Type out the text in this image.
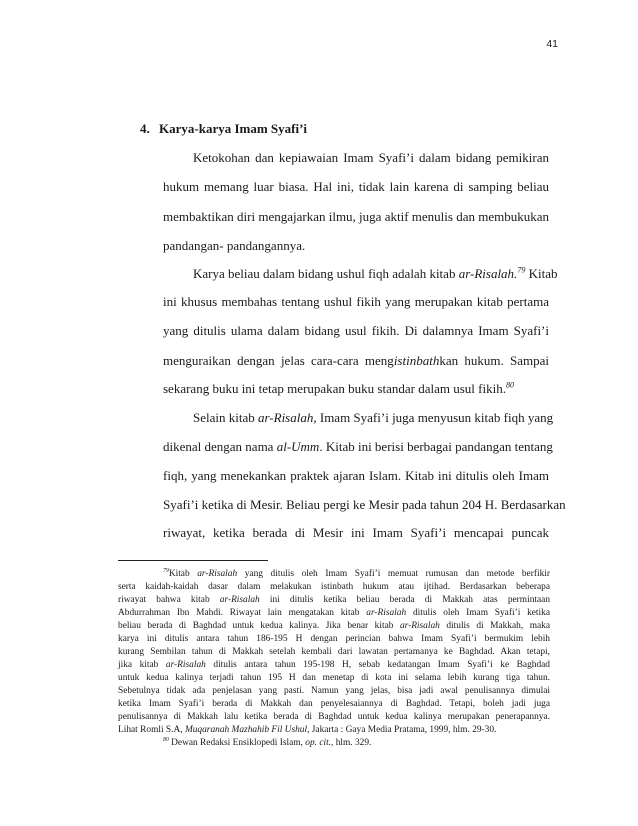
41
4. Karya-karya Imam Syafi’i
Ketokohan dan kepiawaian Imam Syafi’i dalam bidang pemikiran
hukum memang luar biasa. Hal ini, tidak lain karena di samping beliau
membaktikan diri mengajarkan ilmu, juga aktif menulis dan membukukan
pandangan- pandangannya.
Karya beliau dalam bidang ushul fiqh adalah kitab ar-Risalah.$^{79}$ Kitab
ini khusus membahas tentang ushul fikih yang merupakan kitab pertama
yang ditulis ulama dalam bidang usul fikih. Di dalamnya Imam Syafi’i
menguraikan dengan jelas cara-cara mengistinbathkan hukum. Sampai
sekarang buku ini tetap merupakan buku standar dalam usul fikih.$^{80}$
Selain kitab ar-Risalah, Imam Syafi’i juga menyusun kitab fiqh yang
dikenal dengan nama al-Umm. Kitab ini berisi berbagai pandangan tentang
fiqh, yang menekankan praktek ajaran Islam. Kitab ini ditulis oleh Imam
Syafi’i ketika di Mesir. Beliau pergi ke Mesir pada tahun 204 H. Berdasarkan
riwayat, ketika berada di Mesir ini Imam Syafi’i mencapai puncak
$^{79}$Kitab ar-Risalah yang ditulis oleh Imam Syafi’i memuat rumusan dan metode berfikir
serta kaidah-kaidah dasar dalam melakukan istinbath hukum atau ijtihad. Berdasarkan beberapa
riwayat bahwa kitab ar-Risalah ini ditulis ketika beliau berada di Makkah atas permintaan
Abdurrahman Ibn Mahdi. Riwayat lain mengatakan kitab ar-Risalah ditulis oleh Imam Syafi’i ketika
beliau berada di Baghdad untuk kedua kalinya. Jika benar kitab ar-Risalah ditulis di Makkah, maka
karya ini ditulis antara tahun 186-195 H dengan perincian bahwa Imam Syafi’i bermukim lebih
kurang Sembilan tahun di Makkah setelah kembali dari lawatan pertamanya ke Baghdad. Akan tetapi,
jika kitab ar-Risalah ditulis antara tahun 195-198 H, sebab kedatangan Imam Syafi’i ke Baghdad
untuk kedua kalinya terjadi tahun 195 H dan menetap di kota ini selama lebih kurang tiga tahun.
Sebetulnya tidak ada penjelasan yang pasti. Namun yang jelas, bisa jadi awal penulisannya dimulai
ketika Imam Syafi’i berada di Makkah dan penyelesaiannya di Baghdad. Tetapi, boleh jadi juga
penulisannya di Makkah lalu ketika berada di Baghdad untuk kedua kalinya merupakan penerapannya.
Lihat Romli S.A, Muqaranah Mazhahib Fil Ushul, Jakarta : Gaya Media Pratama, 1999, hlm. 29-30.
$^{80}$ Dewan Redaksi Ensiklopedi Islam, op. cit., hlm. 329.
